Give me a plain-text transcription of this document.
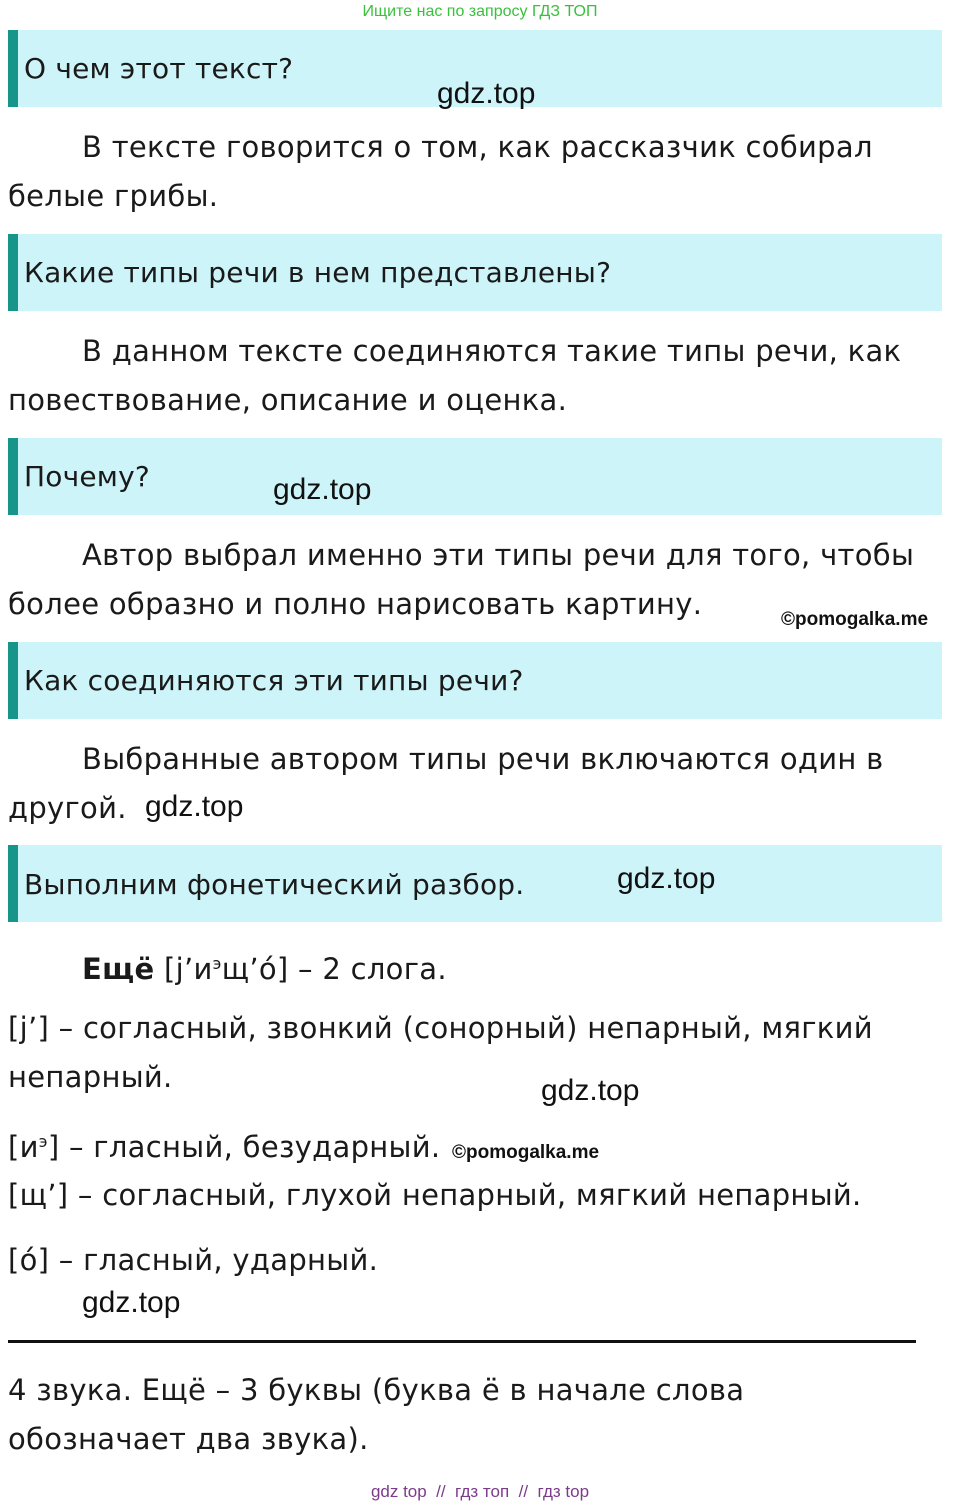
Ищите нас по запросу ГДЗ ТОП
О чем этот текст?
gdz.top
В тексте говорится о том, как рассказчик собирал белые грибы.
Какие типы речи в нем представлены?
В данном тексте соединяются такие типы речи, как повествование, описание и оценка.
Почему?	gdz.top
Автор выбрал именно эти типы речи для того, чтобы более образно и полно нарисовать картину.	©pomogalka.me
Как соединяются эти типы речи?
Выбранные автором типы речи включаются один в другой. gdz.top
Выполним фонетический разбор.	gdz.top
Ещё $[j’и^эщ’о́] - 2$ слога.
[j’] – согласный, звонкий (сонорный) непарный, мягкий непарный.	gdz.top
$[и^э]$ – гласный, безударный. ©pomogalka.me
[щ’] – согласный, глухой непарный, мягкий непарный.
[о́] – гласный, ударный.
gdz.top
4 звука. Ещё – 3 буквы (буква ё в начале слова обозначает два звука).
gdz top  //  гдз топ  //  гдз top
